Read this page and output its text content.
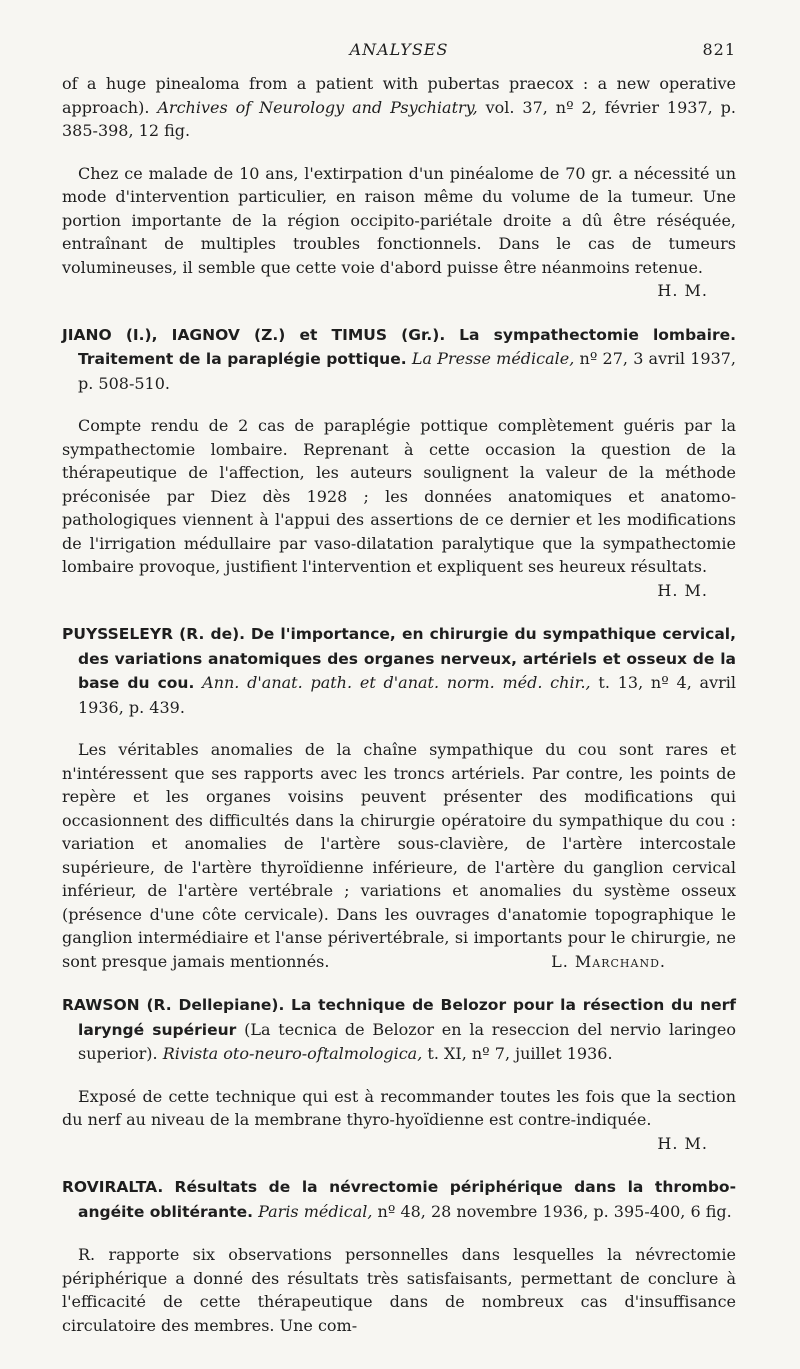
ANALYSES	821

of a huge pinealoma from a patient with pubertas praecox : a new operative approach). Archives of Neurology and Psychiatry, vol. 37, nº 2, février 1937, p. 385-398, 12 fig.

Chez ce malade de 10 ans, l'extirpation d'un pinéalome de 70 gr. a nécessité un mode d'intervention particulier, en raison même du volume de la tumeur. Une portion importante de la région occipito-pariétale droite a dû être réséquée, entraînant de multiples troubles fonctionnels. Dans le cas de tumeurs volumineuses, il semble que cette voie d'abord puisse être néanmoins retenue.

H. M.

JIANO (I.), IAGNOV (Z.) et TIMUS (Gr.). La sympathectomie lombaire. Traitement de la paraplégie pottique. La Presse médicale, nº 27, 3 avril 1937, p. 508-510.

Compte rendu de 2 cas de paraplégie pottique complètement guéris par la sympathectomie lombaire. Reprenant à cette occasion la question de la thérapeutique de l'affection, les auteurs soulignent la valeur de la méthode préconisée par Diez dès 1928 ; les données anatomiques et anatomo-pathologiques viennent à l'appui des assertions de ce dernier et les modifications de l'irrigation médullaire par vaso-dilatation paralytique que la sympathectomie lombaire provoque, justifient l'intervention et expliquent ses heureux résultats.
H. M.

PUYSSELEYR (R. de). De l'importance, en chirurgie du sympathique cervical, des variations anatomiques des organes nerveux, artériels et osseux de la base du cou. Ann. d'anat. path. et d'anat. norm. méd. chir., t. 13, nº 4, avril 1936, p. 439.

Les véritables anomalies de la chaîne sympathique du cou sont rares et n'intéressent que ses rapports avec les troncs artériels. Par contre, les points de repère et les organes voisins peuvent présenter des modifications qui occasionnent des difficultés dans la chirurgie opératoire du sympathique du cou : variation et anomalies de l'artère sous-clavière, de l'artère intercostale supérieure, de l'artère thyroïdienne inférieure, de l'artère du ganglion cervical inférieur, de l'artère vertébrale ; variations et anomalies du système osseux (présence d'une côte cervicale). Dans les ouvrages d'anatomie topographique le ganglion intermédiaire et l'anse périvertébrale, si importants pour le chirurgie, ne sont presque jamais mentionnés.	L. Marchand.

RAWSON (R. Dellepiane). La technique de Belozor pour la résection du nerf laryngé supérieur (La tecnica de Belozor en la reseccion del nervio laringeo superior). Rivista oto-neuro-oftalmologica, t. XI, nº 7, juillet 1936.

Exposé de cette technique qui est à recommander toutes les fois que la section du nerf au niveau de la membrane thyro-hyoïdienne est contre-indiquée.

H. M.

ROVIRALTA. Résultats de la névrectomie périphérique dans la thrombo-angéite oblitérante. Paris médical, nº 48, 28 novembre 1936, p. 395-400, 6 fig.

R. rapporte six observations personnelles dans lesquelles la névrectomie périphérique a donné des résultats très satisfaisants, permettant de conclure à l'efficacité de cette thérapeutique dans de nombreux cas d'insuffisance circulatoire des membres. Une com-
